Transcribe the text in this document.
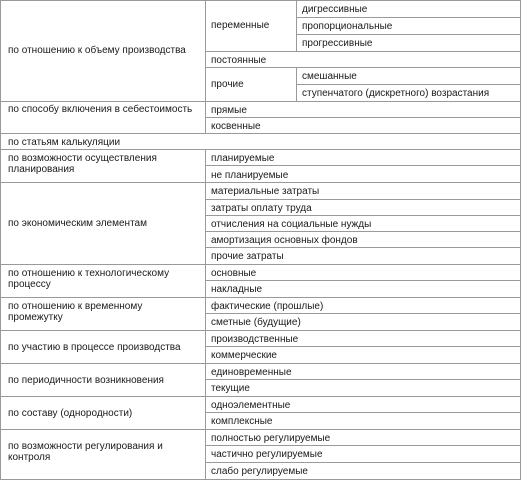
по отношению к объему производства
переменные
дигрессивные
пропорциональные
прогрессивные
постоянные
прочие
смешанные
ступенчатого (дискретного) возрастания
по способу включения в себестоимость	прямые
косвенные
по статьям калькуляции
по возможности осуществления планирования
планируемые
не планируемые
по экономическим элементам
материальные затраты
затраты оплату труда
отчисления на социальные нужды
амортизация основных фондов
прочие затраты
по отношению к технологическому процессу
основные
накладные
по отношению к временному промежутку
фактические (прошлые)
сметные (будущие)
по участию в процессе производства
производственные
коммерческие
по периодичности возникновения
единовременные
текущие
по составу (однородности)
одноэлементные
комплексные
по возможности регулирования и контроля
полностью регулируемые
частично регулируемые
слабо регулируемые
